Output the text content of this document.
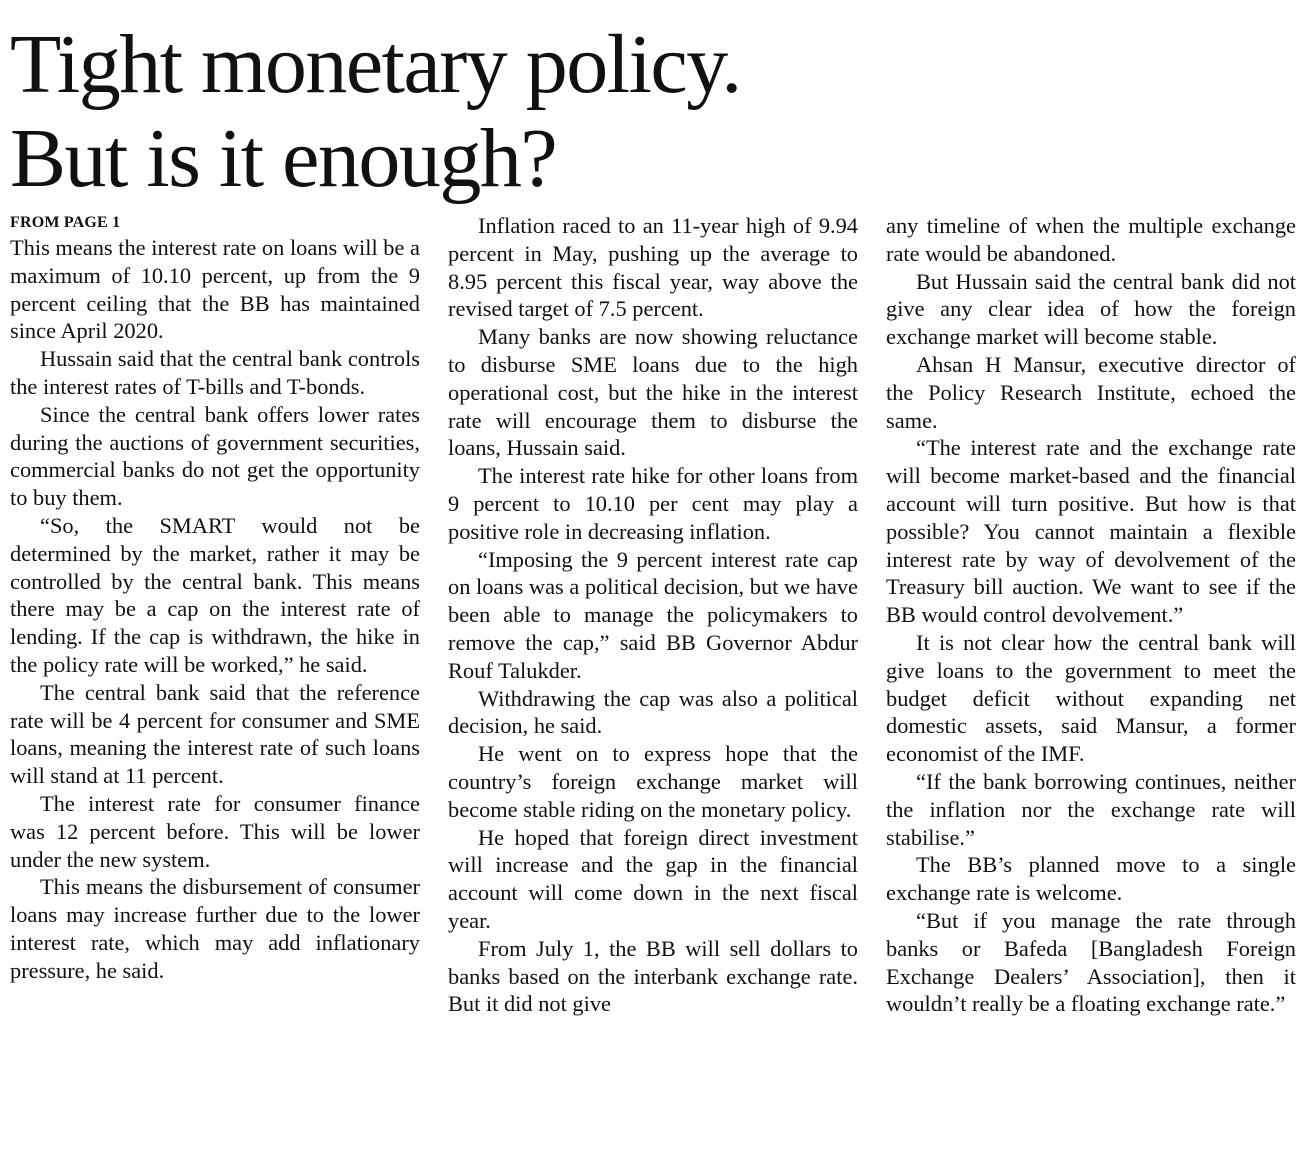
Tight monetary policy.
But is it enough?
FROM PAGE 1

This means the interest rate on loans will be a maximum of 10.10 percent, up from the 9 percent ceiling that the BB has maintained since April 2020.

Hussain said that the central bank controls the interest rates of T-bills and T-bonds.

Since the central bank offers lower rates during the auctions of government securities, commercial banks do not get the opportunity to buy them.

“So, the SMART would not be determined by the market, rather it may be controlled by the central bank. This means there may be a cap on the interest rate of lending. If the cap is withdrawn, the hike in the policy rate will be worked,” he said.

The central bank said that the reference rate will be 4 percent for consumer and SME loans, meaning the interest rate of such loans will stand at 11 percent.

The interest rate for consumer finance was 12 percent before. This will be lower under the new system.

This means the disbursement of consumer loans may increase further due to the lower interest rate, which may add inflationary pressure, he said.

Inflation raced to an 11-year high of 9.94 percent in May, pushing up the average to 8.95 percent this fiscal year, way above the revised target of 7.5 percent.

Many banks are now showing reluctance to disburse SME loans due to the high operational cost, but the hike in the interest rate will encourage them to disburse the loans, Hussain said.

The interest rate hike for other loans from 9 percent to 10.10 per cent may play a positive role in decreasing inflation.

“Imposing the 9 percent interest rate cap on loans was a political decision, but we have been able to manage the policymakers to remove the cap,” said BB Governor Abdur Rouf Talukder.

Withdrawing the cap was also a political decision, he said.

He went on to express hope that the country’s foreign exchange market will become stable riding on the monetary policy.

He hoped that foreign direct investment will increase and the gap in the financial account will come down in the next fiscal year.

From July 1, the BB will sell dollars to banks based on the interbank exchange rate. But it did not give

any timeline of when the multiple exchange rate would be abandoned.

But Hussain said the central bank did not give any clear idea of how the foreign exchange market will become stable.

Ahsan H Mansur, executive director of the Policy Research Institute, echoed the same.

“The interest rate and the exchange rate will become market-based and the financial account will turn positive. But how is that possible? You cannot maintain a flexible interest rate by way of devolvement of the Treasury bill auction. We want to see if the BB would control devolvement.”

It is not clear how the central bank will give loans to the government to meet the budget deficit without expanding net domestic assets, said Mansur, a former economist of the IMF.

“If the bank borrowing continues, neither the inflation nor the exchange rate will stabilise.”

The BB’s planned move to a single exchange rate is welcome.

“But if you manage the rate through banks or Bafeda [Bangladesh Foreign Exchange Dealers’ Association], then it wouldn’t really be a floating exchange rate.”
